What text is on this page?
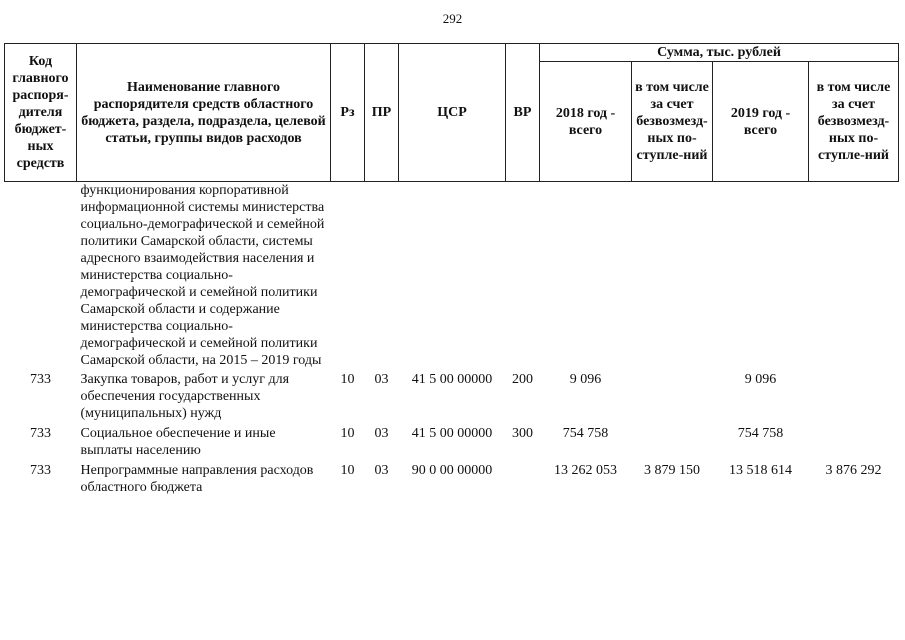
292
Код главного распоря-дителя бюджет-ных средств	Наименование главного распорядителя средств областного бюджета, раздела, подраздела, целевой статьи, группы видов расходов	Рз	ПР	ЦСР	ВР	Сумма, тыс. рублей			
						2018 год - всего	в том числе за счет безвозмезд-ных по-ступле-ний	2019 год - всего	в том числе за счет безвозмезд-ных по-ступле-ний
	функционирования корпоративной информационной системы министерства социально-демографической и семейной политики Самарской области, системы адресного взаимодействия населения и министерства социально-демографической и семейной политики Самарской области и содержание министерства социально-демографической и семейной политики Самарской области, на 2015 – 2019 годы								
733	Закупка товаров, работ и услуг для обеспечения государственных (муниципальных) нужд	10	03	41 5 00 00000	200	9 096		9 096	
733	Социальное обеспечение и иные выплаты населению	10	03	41 5 00 00000	300	754 758		754 758	
733	Непрограммные направления расходов областного бюджета	10	03	90 0 00 00000		13 262 053	3 879 150	13 518 614	3 876 292
